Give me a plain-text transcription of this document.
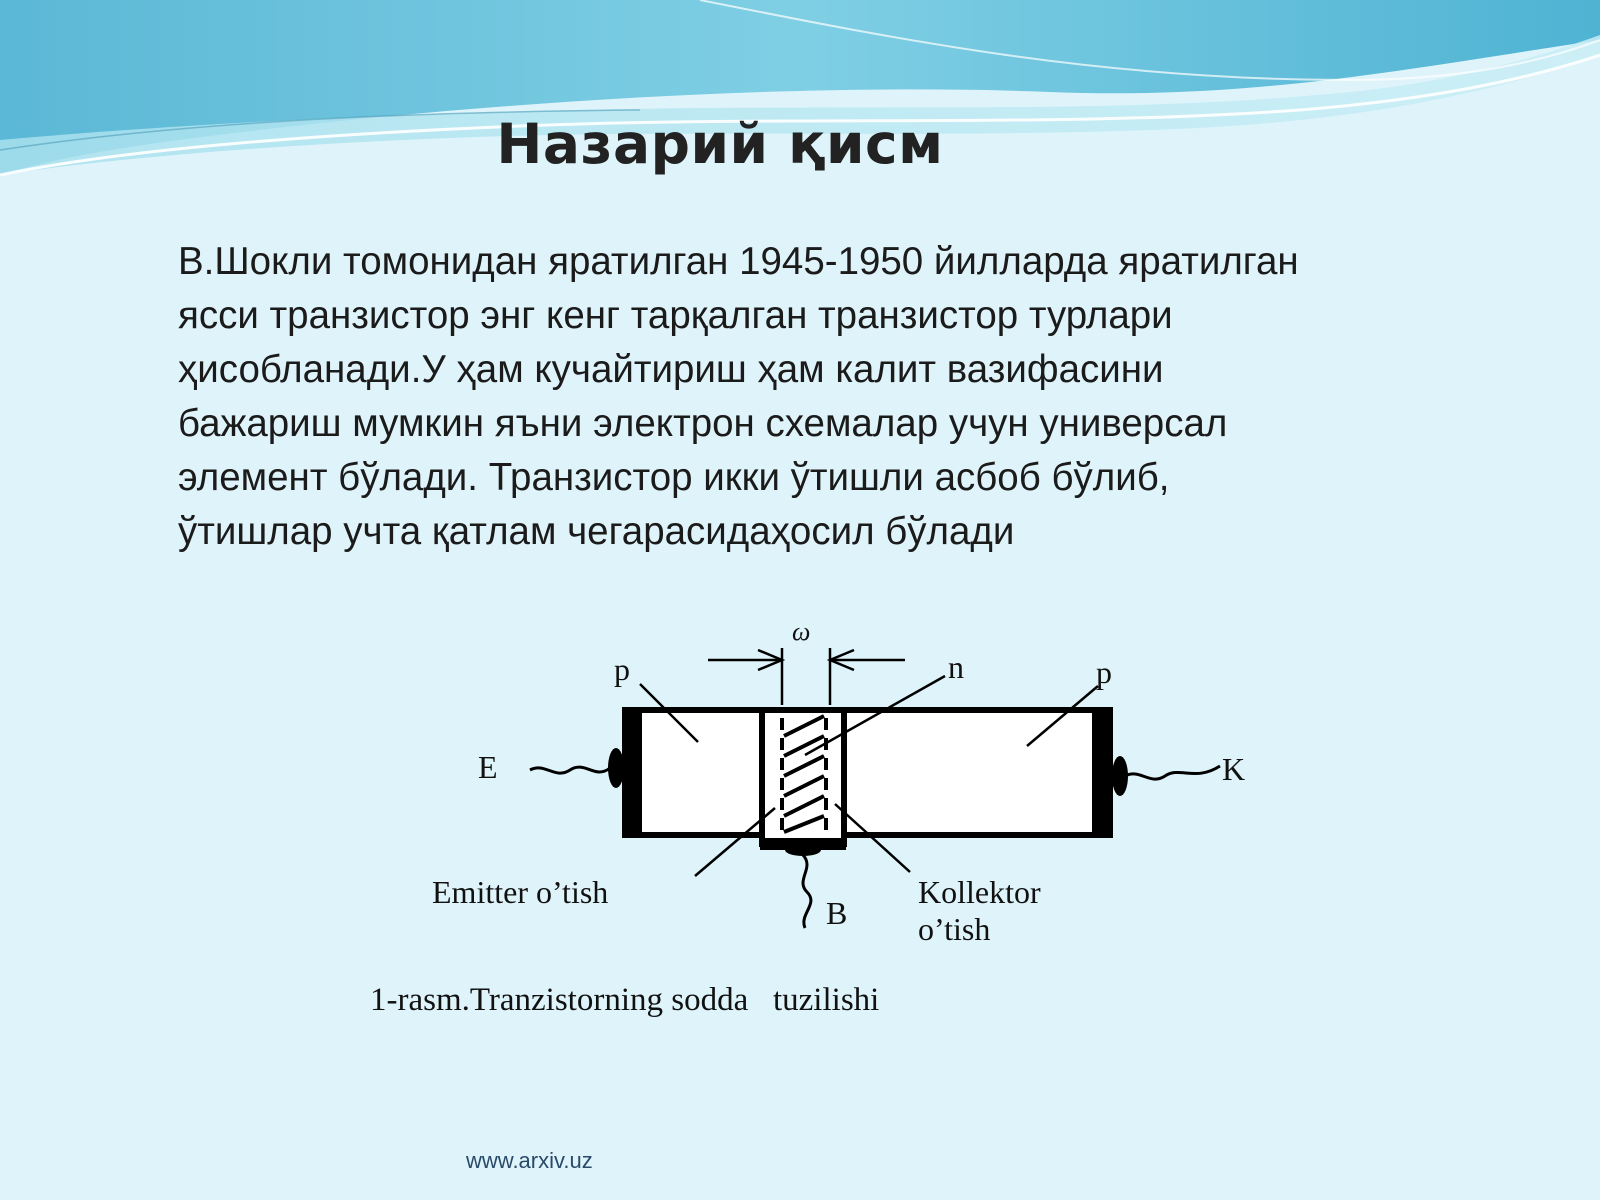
Назарий қисм

В.Шокли томонидан яратилган 1945-1950 йилларда яратилган
ясси транзистор энг кенг тарқалган транзистор турлари
ҳисобланади.У ҳам кучайтириш ҳам калит вазифасини
бажариш мумкин яъни электрон схемалар учун универсал
элемент бўлади. Транзистор икки ўтишли асбоб бўлиб,
ўтишлар учта қатлам чегарасидаҳосил бўлади

ω
p	n	p
E	K
B
Emitter o’tish	Kollektor
o’tish
1-rasm.Tranzistorning sodda   tuzilishi
www.arxiv.uz
